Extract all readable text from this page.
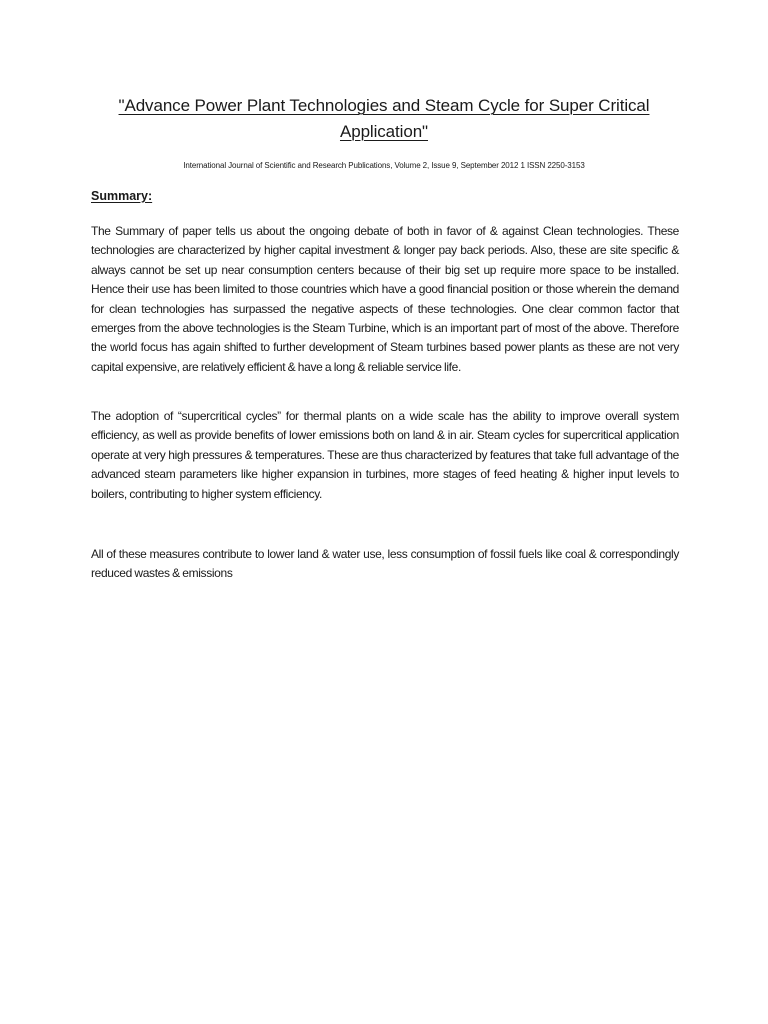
"Advance Power Plant Technologies and Steam Cycle for Super Critical Application"

International Journal of Scientific and Research Publications, Volume 2, Issue 9, September 2012 1 ISSN 2250-3153

Summary:

The Summary of paper tells us about the ongoing debate of both in favor of & against Clean technologies. These technologies are characterized by higher capital investment & longer pay back periods. Also, these are site specific & always cannot be set up near consumption centers because of their big set up require more space to be installed. Hence their use has been limited to those countries which have a good financial position or those wherein the demand for clean technologies has surpassed the negative aspects of these technologies. One clear common factor that emerges from the above technologies is the Steam Turbine, which is an important part of most of the above. Therefore the world focus has again shifted to further development of Steam turbines based power plants as these are not very capital expensive, are relatively efficient & have a long & reliable service life.

The adoption of “supercritical cycles” for thermal plants on a wide scale has the ability to improve overall system efficiency, as well as provide benefits of lower emissions both on land & in air. Steam cycles for supercritical application operate at very high pressures & temperatures. These are thus characterized by features that take full advantage of the advanced steam parameters like higher expansion in turbines, more stages of feed heating & higher input levels to boilers, contributing to higher system efficiency.

All of these measures contribute to lower land & water use, less consumption of fossil fuels like coal & correspondingly reduced wastes & emissions
